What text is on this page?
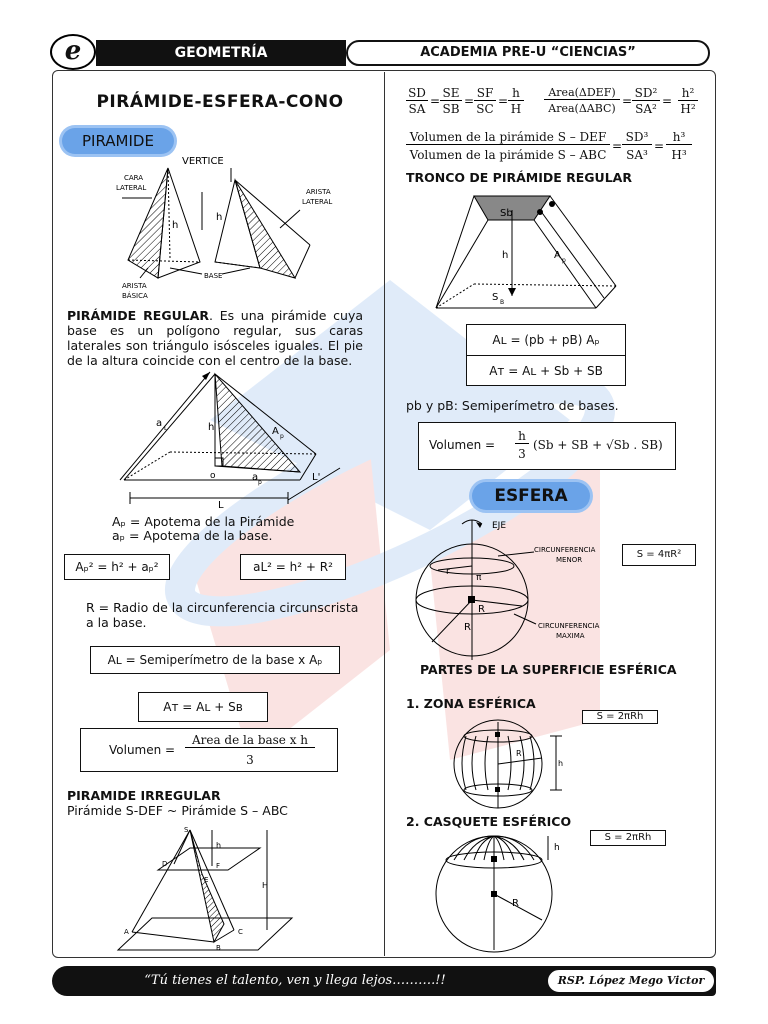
GEOMETRÍA	ACADEMIA PRE-U “CIENCIAS”
e
PIRÁMIDE-ESFERA-CONO
PIRAMIDE
VERTICE
CARA
LATERAL	ARISTA
LATERAL
h
h
ARISTA
BÁSICA
BASE
PIRÁMIDE REGULAR. Es una pirámide cuya base es un polígono regular, sus caras laterales son triángulo isósceles iguales. El pie de la altura coincide con el centro de la base.
a L	h	A p
o	a p	L'
L
Aₚ = Apotema de la Pirámide
aₚ = Apotema de la base.
Aₚ² = h² + aₚ²	aL² = h² + R²
R = Radio de la circunferencia circunscrista a la base.
Aʟ = Semiperímetro de la base x Aₚ
Aᴛ = Aʟ + Sʙ
Volumen =
Area de la base x h
3
PIRAMIDE IRREGULAR
Pirámide S-DEF ~ Pirámide S – ABC
S
D
E
F
h
H
A
B
C
SD
SA
=
SE
SB
=
SF
SC
=
h
H
Area(ΔDEF)
Area(ΔABC)
=
SD²
SA²
=
h²
H²
Volumen de la pirámide S – DEF
Volumen de la pirámide S – ABC
=
SD³
SA³
=
h³
H³
TRONCO DE PIRÁMIDE REGULAR
Sb
h	A p
S B
Aʟ = (pb + pB) Aₚ
Aᴛ = Aʟ + Sb + SB
pb y pB: Semiperímetro de bases.
Volumen =
h
3
(Sb + SB + √Sb . SB)
ESFERA
EJE
CIRCUNFERENCIA
MENOR
r
π
R
R	CIRCUNFERENCIA
MAXIMA
S = 4πR²
PARTES DE LA SUPERFICIE ESFÉRICA
1. ZONA ESFÉRICA
S = 2πRh
R
h
2. CASQUETE ESFÉRICO
S = 2πRh
h
R
“Tú tienes el talento, ven y llega lejos……….!!	RSP. López Mego Victor
